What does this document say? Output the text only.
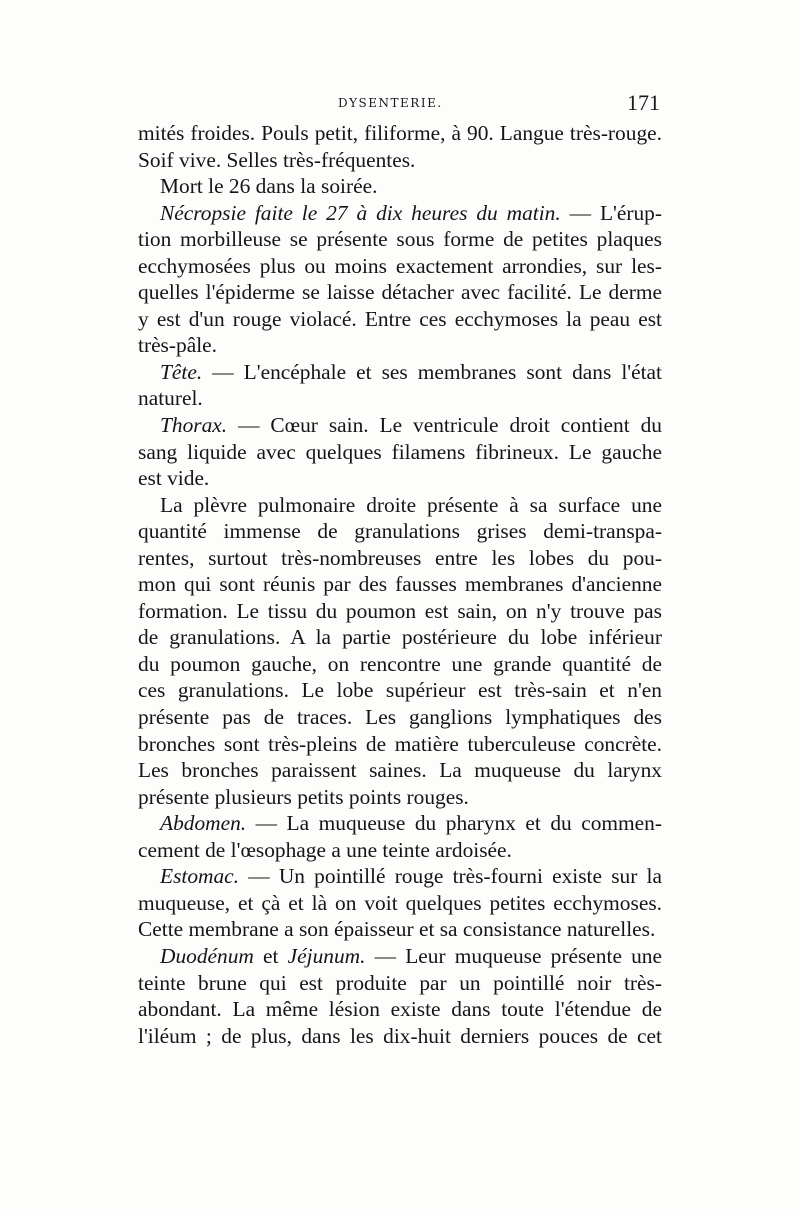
DYSENTERIE.	171
mités froides. Pouls petit, filiforme, à 90. Langue très-rouge.
Soif vive. Selles très-fréquentes.
Mort le 26 dans la soirée.
Nécropsie faite le 27 à dix heures du matin. — L'érup-
tion morbilleuse se présente sous forme de petites plaques
ecchymosées plus ou moins exactement arrondies, sur les-
quelles l'épiderme se laisse détacher avec facilité. Le derme
y est d'un rouge violacé. Entre ces ecchymoses la peau est
très-pâle.
Tête. — L'encéphale et ses membranes sont dans l'état
naturel.
Thorax. — Cœur sain. Le ventricule droit contient du
sang liquide avec quelques filamens fibrineux. Le gauche
est vide.
La plèvre pulmonaire droite présente à sa surface une
quantité immense de granulations grises demi-transpa-
rentes, surtout très-nombreuses entre les lobes du pou-
mon qui sont réunis par des fausses membranes d'ancienne
formation. Le tissu du poumon est sain, on n'y trouve pas
de granulations. A la partie postérieure du lobe inférieur
du poumon gauche, on rencontre une grande quantité de
ces granulations. Le lobe supérieur est très-sain et n'en
présente pas de traces. Les ganglions lymphatiques des
bronches sont très-pleins de matière tuberculeuse concrète.
Les bronches paraissent saines. La muqueuse du larynx
présente plusieurs petits points rouges.
Abdomen. — La muqueuse du pharynx et du commen-
cement de l'œsophage a une teinte ardoisée.
Estomac. — Un pointillé rouge très-fourni existe sur la
muqueuse, et çà et là on voit quelques petites ecchymoses.
Cette membrane a son épaisseur et sa consistance naturelles.
Duodénum et Jéjunum. — Leur muqueuse présente une
teinte brune qui est produite par un pointillé noir très-
abondant. La même lésion existe dans toute l'étendue de
l'iléum ; de plus, dans les dix-huit derniers pouces de cet
